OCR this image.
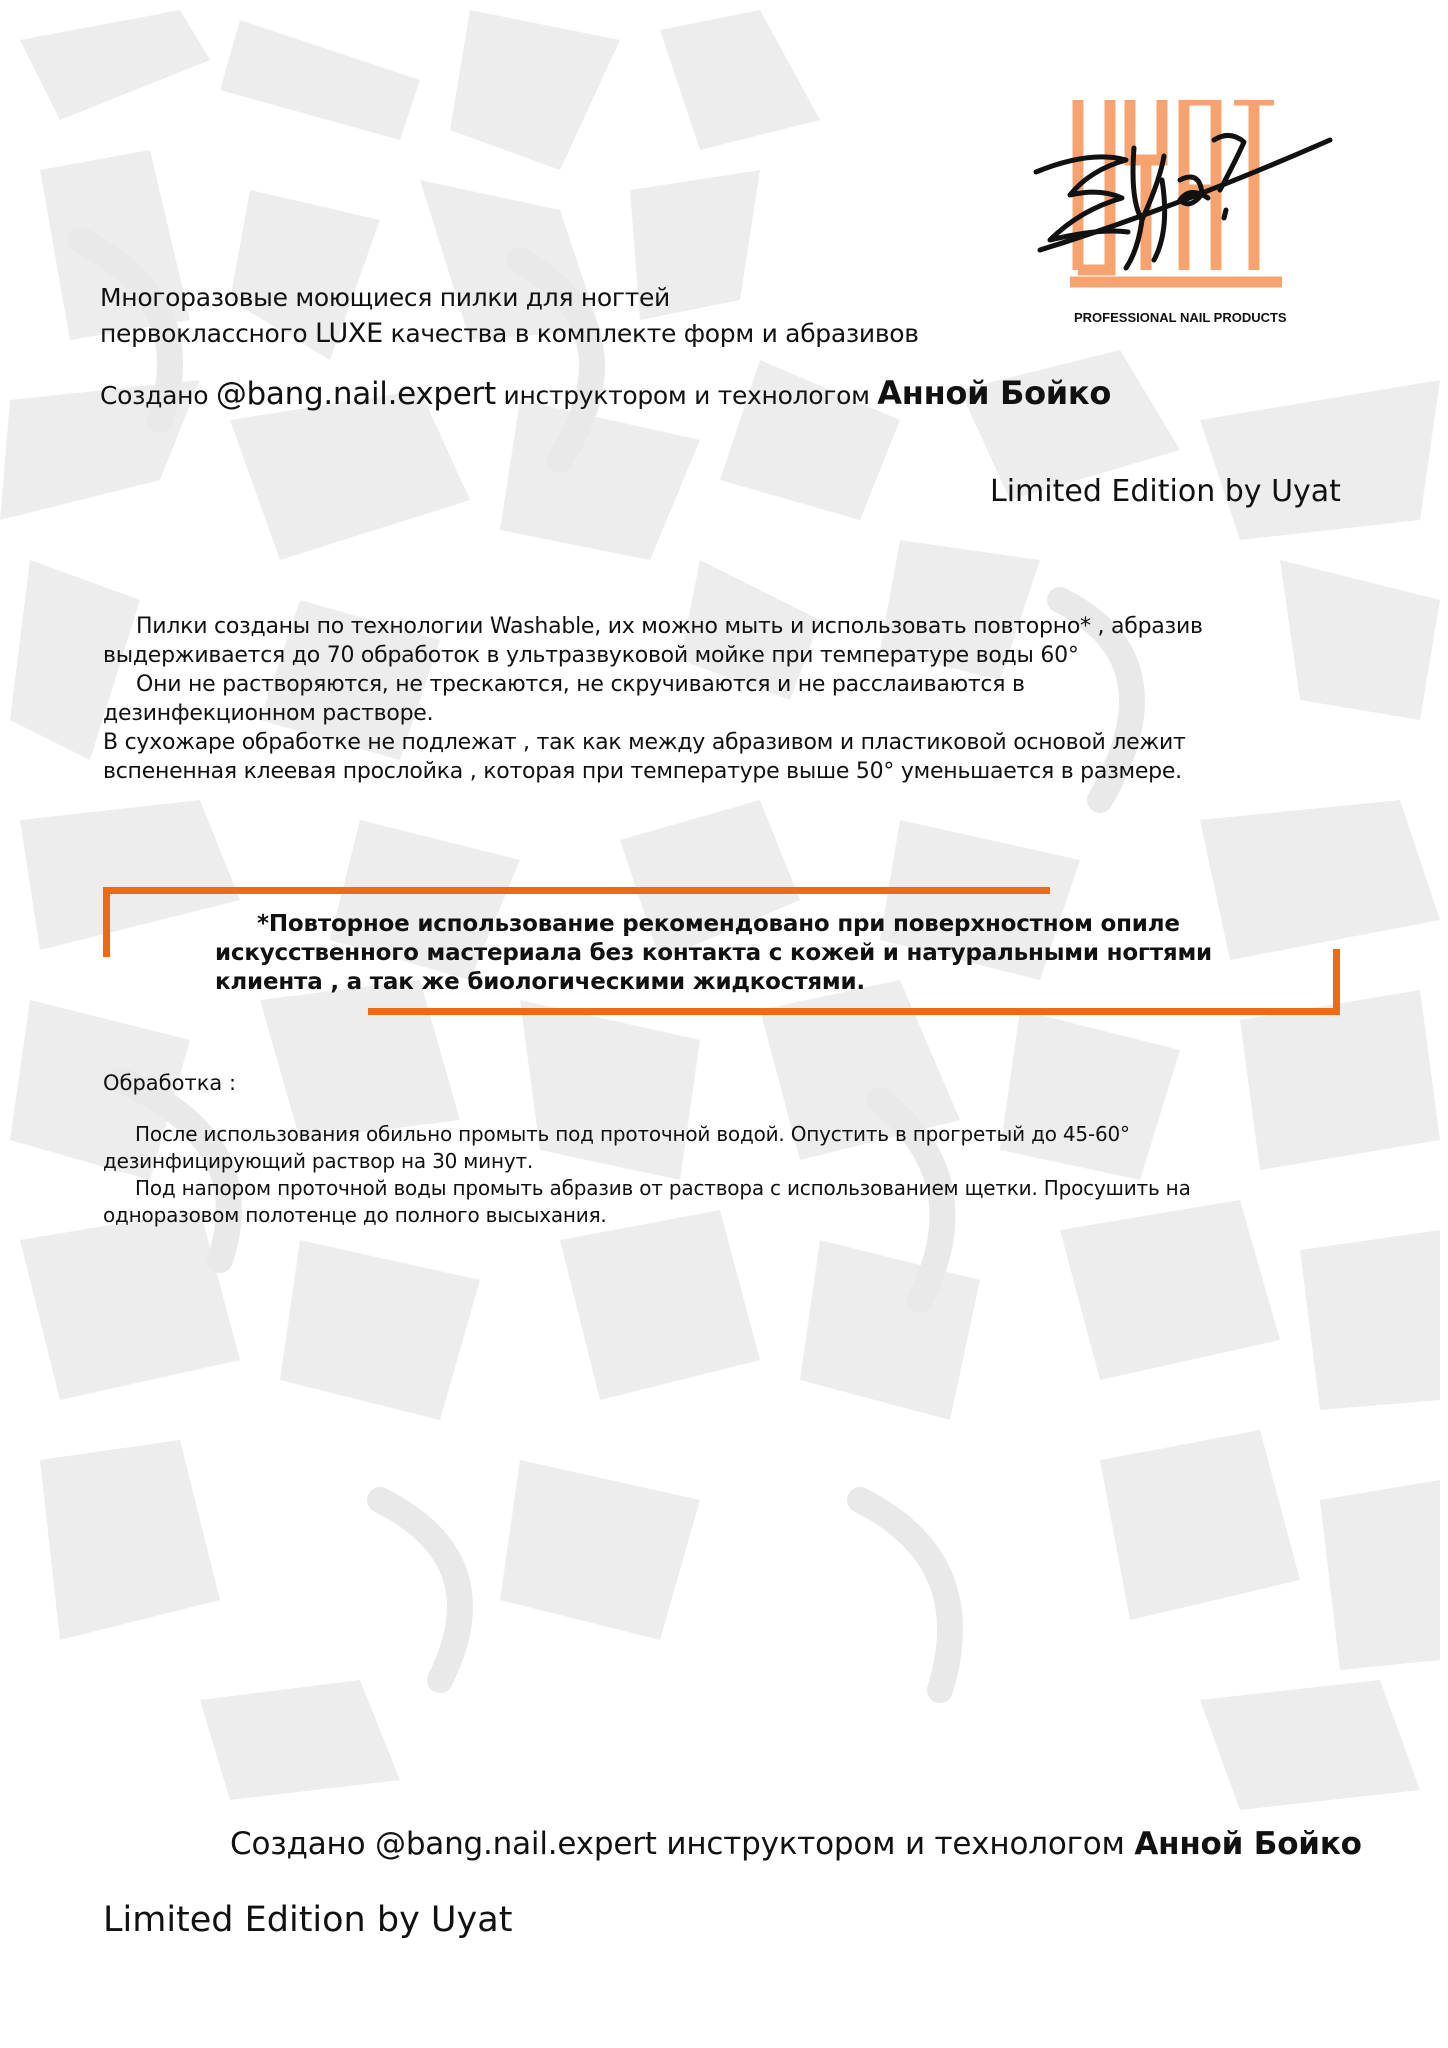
PROFESSIONAL NAIL PRODUCTS
Многоразовые моющиеся пилки для ногтей
первоклассного LUXE качества в комплекте форм и абразивов
Создано @bang.nail.expert инструктором и технологом Анной Бойко
Limited Edition by Uyat

Пилки созданы по технологии Washable, их можно мыть и использовать повторно* , абразив

выдерживается до 70 обработок в ультразвуковой мойке при температуре воды 60°

Они не растворяются, не трескаются, не скручиваются и не расслаиваются в

дезинфекционном растворе.

В сухожаре обработке не подлежат , так как между абразивом и пластиковой основой лежит

вспененная клеевая прослойка , которая при температуре выше 50° уменьшается в размере.

*Повторное использование рекомендовано при поверхностном опиле

искусственного мастериала без контакта с кожей и натуральными ногтями

клиента , а так же биологическими жидкостями.

Обработка :

После использования обильно промыть под проточной водой. Опустить в прогретый до 45-60°

дезинфицирующий раствор на 30 минут.

Под напором проточной воды промыть абразив от раствора с использованием щетки. Просушить на

одноразовом полотенце до полного высыхания.

Создано @bang.nail.expert инструктором и технологом Анной Бойко
Limited Edition by Uyat
